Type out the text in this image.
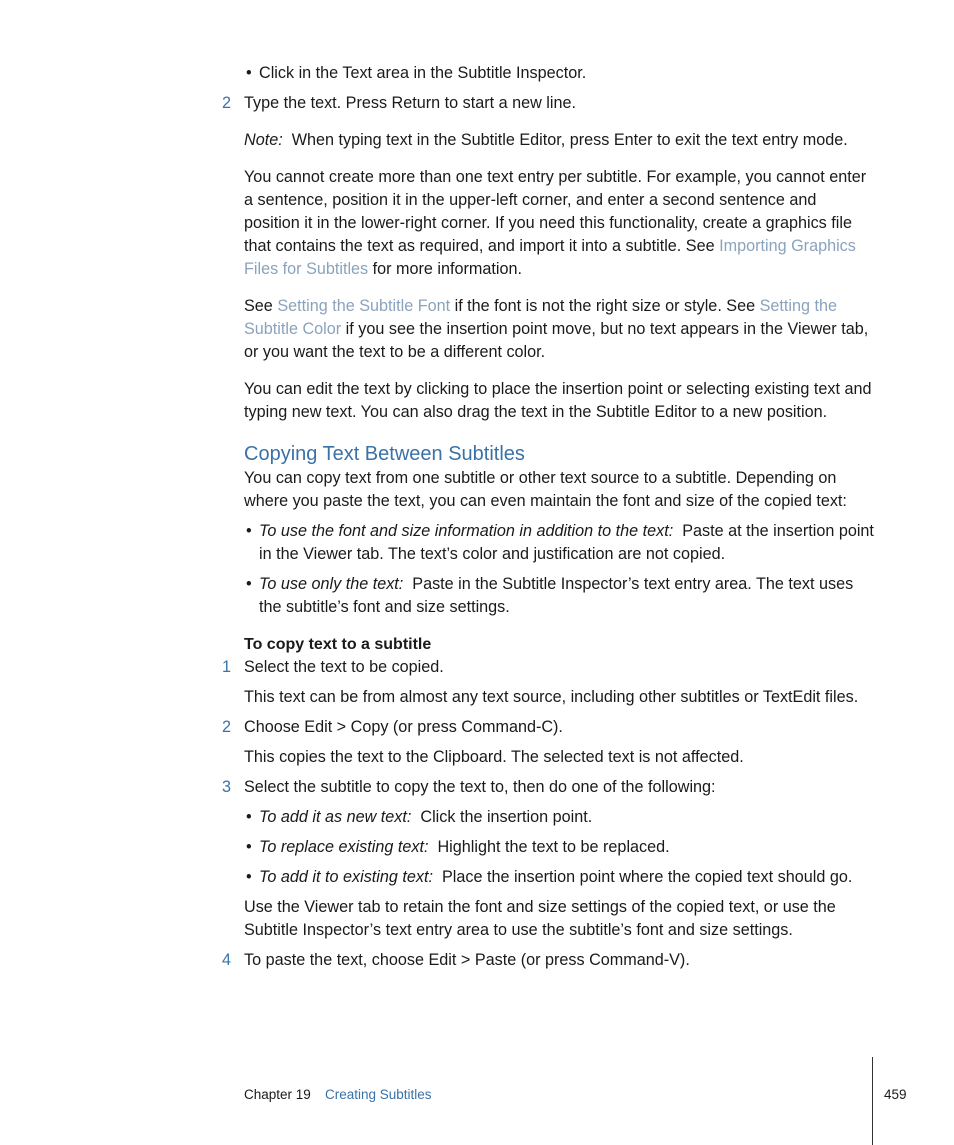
• Click in the Text area in the Subtitle Inspector.
2 Type the text. Press Return to start a new line.
Note: When typing text in the Subtitle Editor, press Enter to exit the text entry mode.
You cannot create more than one text entry per subtitle. For example, you cannot enter a sentence, position it in the upper-left corner, and enter a second sentence and position it in the lower-right corner. If you need this functionality, create a graphics file that contains the text as required, and import it into a subtitle. See Importing Graphics Files for Subtitles for more information.
See Setting the Subtitle Font if the font is not the right size or style. See Setting the Subtitle Color if you see the insertion point move, but no text appears in the Viewer tab, or you want the text to be a different color.
You can edit the text by clicking to place the insertion point or selecting existing text and typing new text. You can also drag the text in the Subtitle Editor to a new position.
Copying Text Between Subtitles
You can copy text from one subtitle or other text source to a subtitle. Depending on where you paste the text, you can even maintain the font and size of the copied text:
• To use the font and size information in addition to the text: Paste at the insertion point in the Viewer tab. The text’s color and justification are not copied.
• To use only the text: Paste in the Subtitle Inspector’s text entry area. The text uses the subtitle’s font and size settings.
To copy text to a subtitle
1 Select the text to be copied.
This text can be from almost any text source, including other subtitles or TextEdit files.
2 Choose Edit > Copy (or press Command-C).
This copies the text to the Clipboard. The selected text is not affected.
3 Select the subtitle to copy the text to, then do one of the following:
• To add it as new text: Click the insertion point.
• To replace existing text: Highlight the text to be replaced.
• To add it to existing text: Place the insertion point where the copied text should go.
Use the Viewer tab to retain the font and size settings of the copied text, or use the Subtitle Inspector’s text entry area to use the subtitle’s font and size settings.
4 To paste the text, choose Edit > Paste (or press Command-V).
Chapter 19 Creating Subtitles	459
